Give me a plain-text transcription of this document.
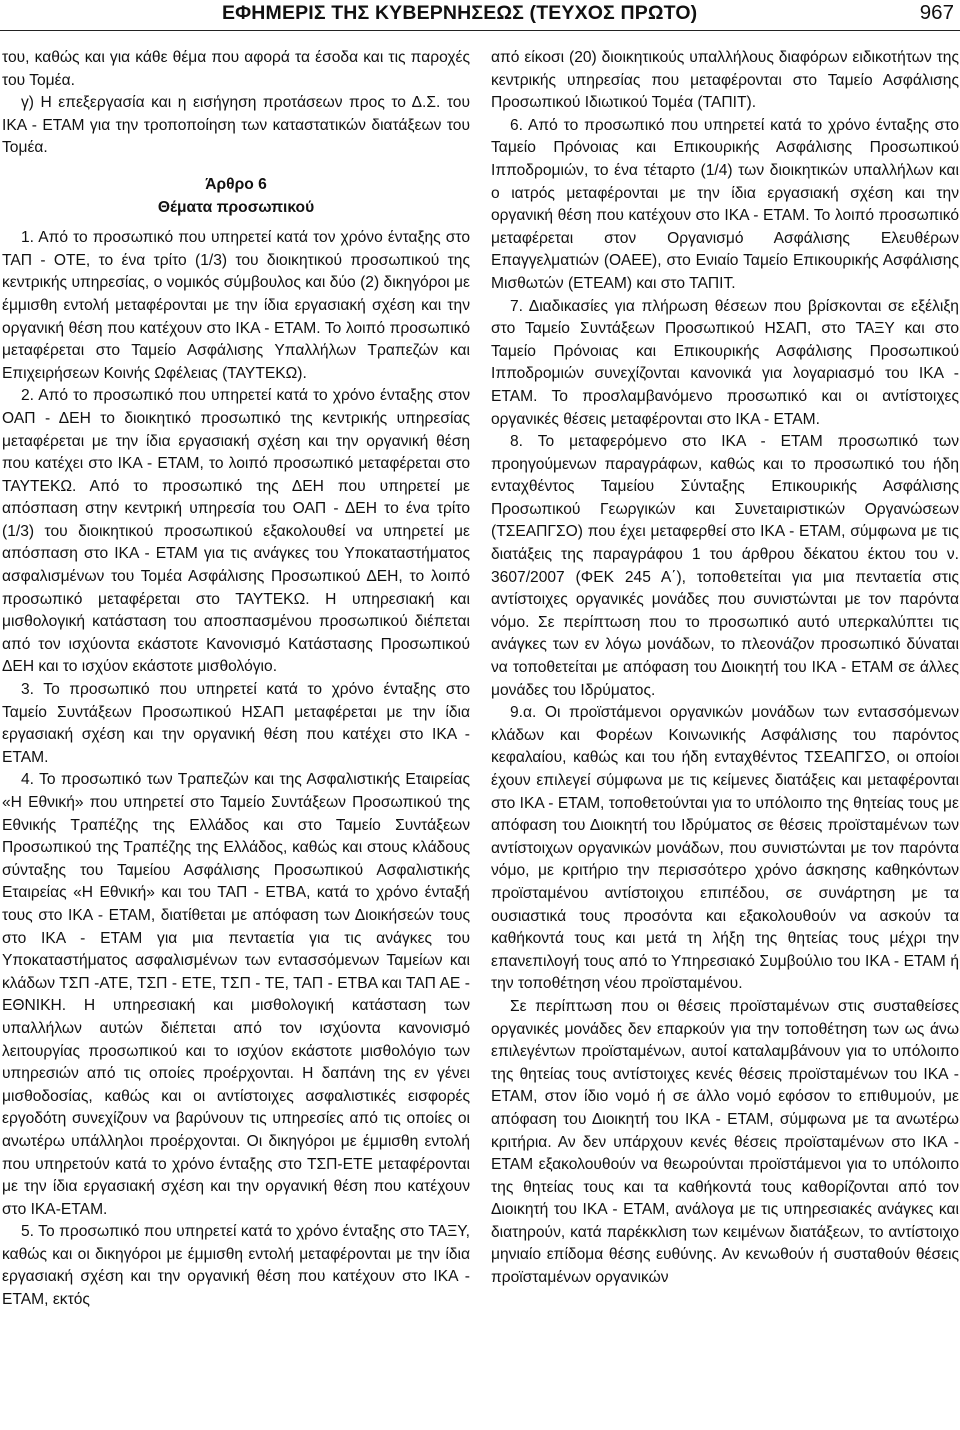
ΕΦΗΜΕΡΙΣ ΤΗΣ ΚΥΒΕΡΝΗΣΕΩΣ (ΤΕΥΧΟΣ ΠΡΩΤΟ)	967

του, καθώς και για κάθε θέμα που αφορά τα έσοδα και τις παροχές του Τομέα.

γ) Η επεξεργασία και η εισήγηση προτάσεων προς το Δ.Σ. του ΙΚΑ - ΕΤΑΜ για την τροποποίηση των καταστατικών διατάξεων του Τομέα.

Άρθρο 6
Θέματα προσωπικού

1. Από το προσωπικό που υπηρετεί κατά τον χρόνο ένταξης στο ΤΑΠ - ΟΤΕ, το ένα τρίτο (1/3) του διοικητικού προσωπικού της κεντρικής υπηρεσίας, ο νομικός σύμβουλος και δύο (2) δικηγόροι με έμμισθη εντολή μεταφέρονται με την ίδια εργασιακή σχέση και την οργανική θέση που κατέχουν στο ΙΚΑ - ΕΤΑΜ. Το λοιπό προσωπικό μεταφέρεται στο Ταμείο Ασφάλισης Υπαλλήλων Τραπεζών και Επιχειρήσεων Κοινής Ωφέλειας (ΤΑΥΤΕΚΩ).

2. Από το προσωπικό που υπηρετεί κατά το χρόνο ένταξης στον ΟΑΠ - ΔΕΗ το διοικητικό προσωπικό της κεντρικής υπηρεσίας μεταφέρεται με την ίδια εργασιακή σχέση και την οργανική θέση που κατέχει στο ΙΚΑ - ΕΤΑΜ, το λοιπό προσωπικό μεταφέρεται στο ΤΑΥΤΕΚΩ. Από το προσωπικό της ΔΕΗ που υπηρετεί με απόσπαση στην κεντρική υπηρεσία του ΟΑΠ - ΔΕΗ το ένα τρίτο (1/3) του διοικητικού προσωπικού εξακολουθεί να υπηρετεί με απόσπαση στο ΙΚΑ - ΕΤΑΜ για τις ανάγκες του Υποκαταστήματος ασφαλισμένων του Τομέα Ασφάλισης Προσωπικού ΔΕΗ, το λοιπό προσωπικό μεταφέρεται στο ΤΑΥΤΕΚΩ. Η υπηρεσιακή και μισθολογική κατάσταση του αποσπασμένου προσωπικού διέπεται από τον ισχύοντα εκάστοτε Κανονισμό Κατάστασης Προσωπικού ΔΕΗ και το ισχύον εκάστοτε μισθολόγιο.

3. Το προσωπικό που υπηρετεί κατά το χρόνο ένταξης στο Ταμείο Συντάξεων Προσωπικού ΗΣΑΠ μεταφέρεται με την ίδια εργασιακή σχέση και την οργανική θέση που κατέχει στο ΙΚΑ - ΕΤΑΜ.

4. Το προσωπικό των Τραπεζών και της Ασφαλιστικής Εταιρείας «Η Εθνική» που υπηρετεί στο Ταμείο Συντάξεων Προσωπικού της Εθνικής Τραπέζης της Ελλάδος και στο Ταμείο Συντάξεων Προσωπικού της Τραπέζης της Ελλάδος, καθώς και στους κλάδους σύνταξης του Ταμείου Ασφάλισης Προσωπικού Ασφαλιστικής Εταιρείας «Η Εθνική» και του ΤΑΠ - ΕΤΒΑ, κατά το χρόνο ένταξή τους στο ΙΚΑ - ΕΤΑΜ, διατίθεται με απόφαση των Διοικήσεών τους στο ΙΚΑ - ΕΤΑΜ για μια πενταετία για τις ανάγκες του Υποκαταστήματος ασφαλισμένων των εντασσόμενων Ταμείων και κλάδων ΤΣΠ -ΑΤΕ, ΤΣΠ - ΕΤΕ, ΤΣΠ - ΤΕ, ΤΑΠ - ΕΤΒΑ και ΤΑΠ ΑΕ - ΕΘΝΙΚΗ. Η υπηρεσιακή και μισθολογική κατάσταση των υπαλλήλων αυτών διέπεται από τον ισχύοντα κανονισμό λειτουργίας προσωπικού και το ισχύον εκάστοτε μισθολόγιο των υπηρεσιών από τις οποίες προέρχονται. Η δαπάνη της εν γένει μισθοδοσίας, καθώς και οι αντίστοιχες ασφαλιστικές εισφορές εργοδότη συνεχίζουν να βαρύνουν τις υπηρεσίες από τις οποίες οι ανωτέρω υπάλληλοι προέρχονται. Οι δικηγόροι με έμμισθη εντολή που υπηρετούν κατά το χρόνο ένταξης στο ΤΣΠ-ΕΤΕ μεταφέρονται με την ίδια εργασιακή σχέση και την οργανική θέση που κατέχουν στο ΙΚΑ-ΕΤΑΜ.

5. Το προσωπικό που υπηρετεί κατά το χρόνο ένταξης στο ΤΑΞΥ, καθώς και οι δικηγόροι με έμμισθη εντολή μεταφέρονται με την ίδια εργασιακή σχέση και την οργανική θέση που κατέχουν στο ΙΚΑ - ΕΤΑΜ, εκτός

από είκοσι (20) διοικητικούς υπαλλήλους διαφόρων ειδικοτήτων της κεντρικής υπηρεσίας που μεταφέρονται στο Ταμείο Ασφάλισης Προσωπικού Ιδιωτικού Τομέα (ΤΑΠΙΤ).

6. Από το προσωπικό που υπηρετεί κατά το χρόνο ένταξης στο Ταμείο Πρόνοιας και Επικουρικής Ασφάλισης Προσωπικού Ιπποδρομιών, το ένα τέταρτο (1/4) των διοικητικών υπαλλήλων και ο ιατρός μεταφέρονται με την ίδια εργασιακή σχέση και την οργανική θέση που κατέχουν στο ΙΚΑ - ΕΤΑΜ. Το λοιπό προσωπικό μεταφέρεται στον Οργανισμό Ασφάλισης Ελευθέρων Επαγγελματιών (ΟΑΕΕ), στο Ενιαίο Ταμείο Επικουρικής Ασφάλισης Μισθωτών (ΕΤΕΑΜ) και στο ΤΑΠΙΤ.

7. Διαδικασίες για πλήρωση θέσεων που βρίσκονται σε εξέλιξη στο Ταμείο Συντάξεων Προσωπικού ΗΣΑΠ, στο ΤΑΞΥ και στο Ταμείο Πρόνοιας και Επικουρικής Ασφάλισης Προσωπικού Ιπποδρομιών συνεχίζονται κανονικά για λογαριασμό του ΙΚΑ - ΕΤΑΜ. Το προσλαμβανόμενο προσωπικό και οι αντίστοιχες οργανικές θέσεις μεταφέρονται στο ΙΚΑ - ΕΤΑΜ.

8. Το μεταφερόμενο στο ΙΚΑ - ΕΤΑΜ προσωπικό των προηγούμενων παραγράφων, καθώς και το προσωπικό του ήδη ενταχθέντος Ταμείου Σύνταξης Επικουρικής Ασφάλισης Προσωπικού Γεωργικών και Συνεταιριστικών Οργανώσεων (ΤΣΕΑΠΓΣΟ) που έχει μεταφερθεί στο ΙΚΑ - ΕΤΑΜ, σύμφωνα με τις διατάξεις της παραγράφου 1 του άρθρου δέκατου έκτου του ν. 3607/2007 (ΦΕΚ 245 Α΄), τοποθετείται για μια πενταετία στις αντίστοιχες οργανικές μονάδες που συνιστώνται με τον παρόντα νόμο. Σε περίπτωση που το προσωπικό αυτό υπερκαλύπτει τις ανάγκες των εν λόγω μονάδων, το πλεονάζον προσωπικό δύναται να τοποθετείται με απόφαση του Διοικητή του ΙΚΑ - ΕΤΑΜ σε άλλες μονάδες του Ιδρύματος.

9.α. Οι προϊστάμενοι οργανικών μονάδων των εντασσόμενων κλάδων και Φορέων Κοινωνικής Ασφάλισης του παρόντος κεφαλαίου, καθώς και του ήδη ενταχθέντος ΤΣΕΑΠΓΣΟ, οι οποίοι έχουν επιλεγεί σύμφωνα με τις κείμενες διατάξεις και μεταφέρονται στο ΙΚΑ - ΕΤΑΜ, τοποθετούνται για το υπόλοιπο της θητείας τους με απόφαση του Διοικητή του Ιδρύματος σε θέσεις προϊσταμένων των αντίστοιχων οργανικών μονάδων, που συνιστώνται με τον παρόντα νόμο, με κριτήριο την περισσότερο χρόνο άσκησης καθηκόντων προϊσταμένου αντίστοιχου επιπέδου, σε συνάρτηση με τα ουσιαστικά τους προσόντα και εξακολουθούν να ασκούν τα καθήκοντά τους και μετά τη λήξη της θητείας τους μέχρι την επανεπιλογή τους από το Υπηρεσιακό Συμβούλιο του ΙΚΑ - ΕΤΑΜ ή την τοποθέτηση νέου προϊσταμένου.

Σε περίπτωση που οι θέσεις προϊσταμένων στις συσταθείσες οργανικές μονάδες δεν επαρκούν για την τοποθέτηση των ως άνω επιλεγέντων προϊσταμένων, αυτοί καταλαμβάνουν για το υπόλοιπο της θητείας τους αντίστοιχες κενές θέσεις προϊσταμένων του ΙΚΑ - ΕΤΑΜ, στον ίδιο νομό ή σε άλλο νομό εφόσον το επιθυμούν, με απόφαση του Διοικητή του ΙΚΑ - ΕΤΑΜ, σύμφωνα με τα ανωτέρω κριτήρια. Αν δεν υπάρχουν κενές θέσεις προϊσταμένων στο ΙΚΑ - ΕΤΑΜ εξακολουθούν να θεωρούνται προϊστάμενοι για το υπόλοιπο της θητείας τους και τα καθήκοντά τους καθορίζονται από τον Διοικητή του ΙΚΑ - ΕΤΑΜ, ανάλογα με τις υπηρεσιακές ανάγκες και διατηρούν, κατά παρέκκλιση των κειμένων διατάξεων, το αντίστοιχο μηνιαίο επίδομα θέσης ευθύνης. Αν κενωθούν ή συσταθούν θέσεις προϊσταμένων οργανικών
